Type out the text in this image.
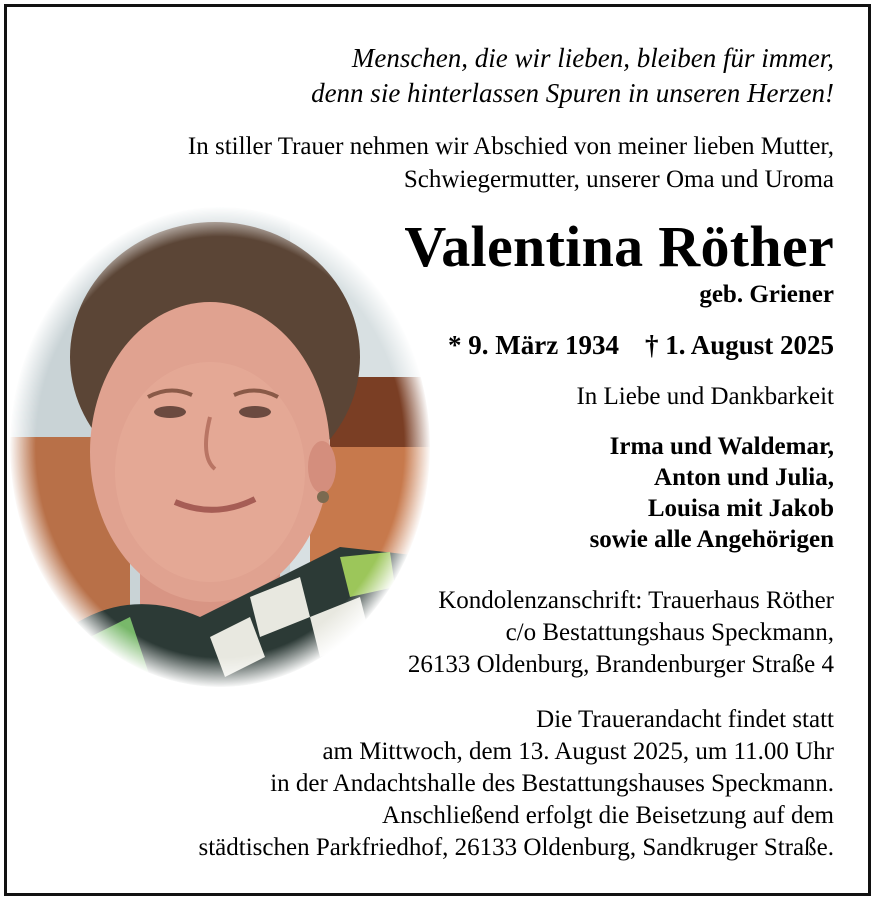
Menschen, die wir lieben, bleiben für immer,
denn sie hinterlassen Spuren in unseren Herzen!
In stiller Trauer nehmen wir Abschied von meiner lieben Mutter,
Schwiegermutter, unserer Oma und Uroma
Valentina Röther
geb. Griener
* 9. März 1934 † 1. August 2025
In Liebe und Dankbarkeit
Irma und Waldemar,
Anton und Julia,
Louisa mit Jakob
sowie alle Angehörigen
Kondolenzanschrift: Trauerhaus Röther
c/o Bestattungshaus Speckmann,
26133 Oldenburg, Brandenburger Straße 4
Die Trauerandacht findet statt
am Mittwoch, dem 13. August 2025, um 11.00 Uhr
in der Andachtshalle des Bestattungshauses Speckmann.
Anschließend erfolgt die Beisetzung auf dem
städtischen Parkfriedhof, 26133 Oldenburg, Sandkruger Straße.
